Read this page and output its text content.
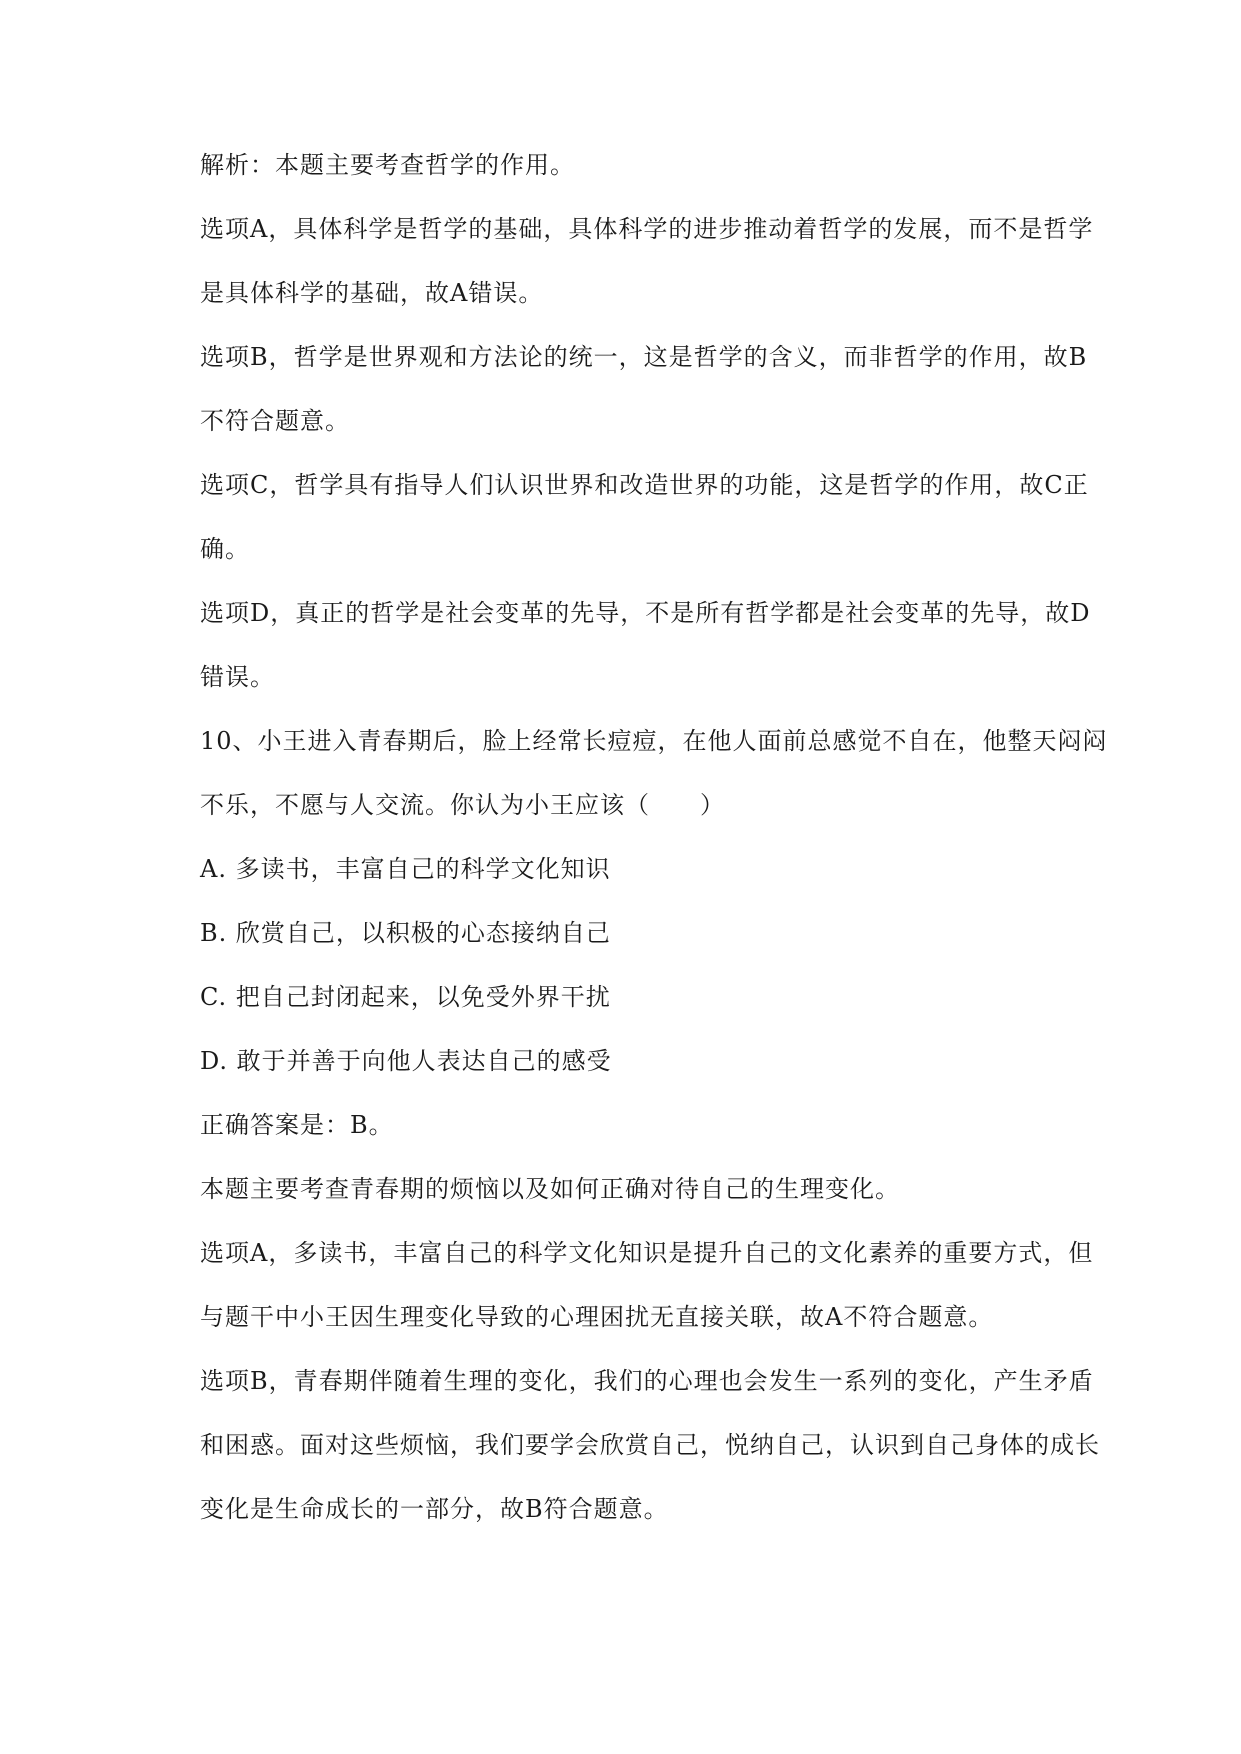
解析：本题主要考查哲学的作用。
选项A，具体科学是哲学的基础，具体科学的进步推动着哲学的发展，而不是哲学
是具体科学的基础，故A错误。
选项B，哲学是世界观和方法论的统一，这是哲学的含义，而非哲学的作用，故B
不符合题意。
选项C，哲学具有指导人们认识世界和改造世界的功能，这是哲学的作用，故C正
确。
选项D，真正的哲学是社会变革的先导，不是所有哲学都是社会变革的先导，故D
错误。
10、小王进入青春期后，脸上经常长痘痘，在他人面前总感觉不自在，他整天闷闷
不乐，不愿与人交流。你认为小王应该（　　）
A. 多读书，丰富自己的科学文化知识
B. 欣赏自己，以积极的心态接纳自己
C. 把自己封闭起来，以免受外界干扰
D. 敢于并善于向他人表达自己的感受
正确答案是：B。
本题主要考查青春期的烦恼以及如何正确对待自己的生理变化。
选项A，多读书，丰富自己的科学文化知识是提升自己的文化素养的重要方式，但
与题干中小王因生理变化导致的心理困扰无直接关联，故A不符合题意。
选项B，青春期伴随着生理的变化，我们的心理也会发生一系列的变化，产生矛盾
和困惑。面对这些烦恼，我们要学会欣赏自己，悦纳自己，认识到自己身体的成长
变化是生命成长的一部分，故B符合题意。
